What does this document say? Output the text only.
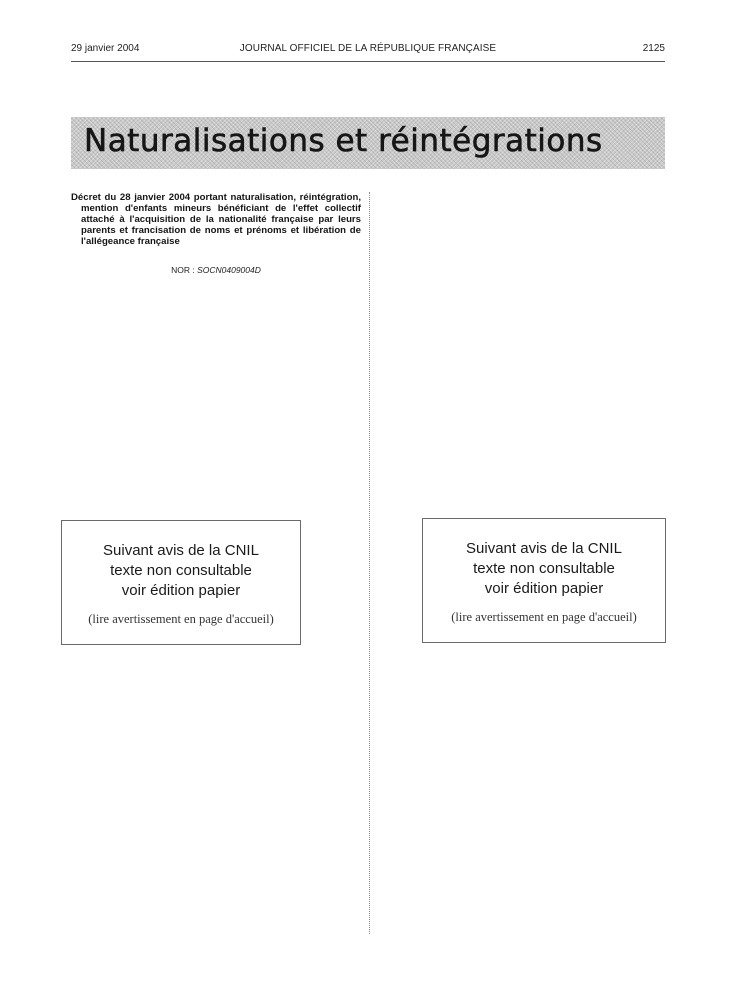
29 janvier 2004	JOURNAL OFFICIEL DE LA RÉPUBLIQUE FRANÇAISE	2125
Naturalisations et réintégrations
Décret du 28 janvier 2004 portant naturalisation, réintégration, mention d'enfants mineurs bénéficiant de l'effet collectif attaché à l'acquisition de la nationalité française par leurs parents et francisation de noms et prénoms et libération de l'allégeance française
NOR : SOCN0409004D
Suivant avis de la CNIL
texte non consultable
voir édition papier
(lire avertissement en page d'accueil)
Suivant avis de la CNIL
texte non consultable
voir édition papier
(lire avertissement en page d'accueil)
